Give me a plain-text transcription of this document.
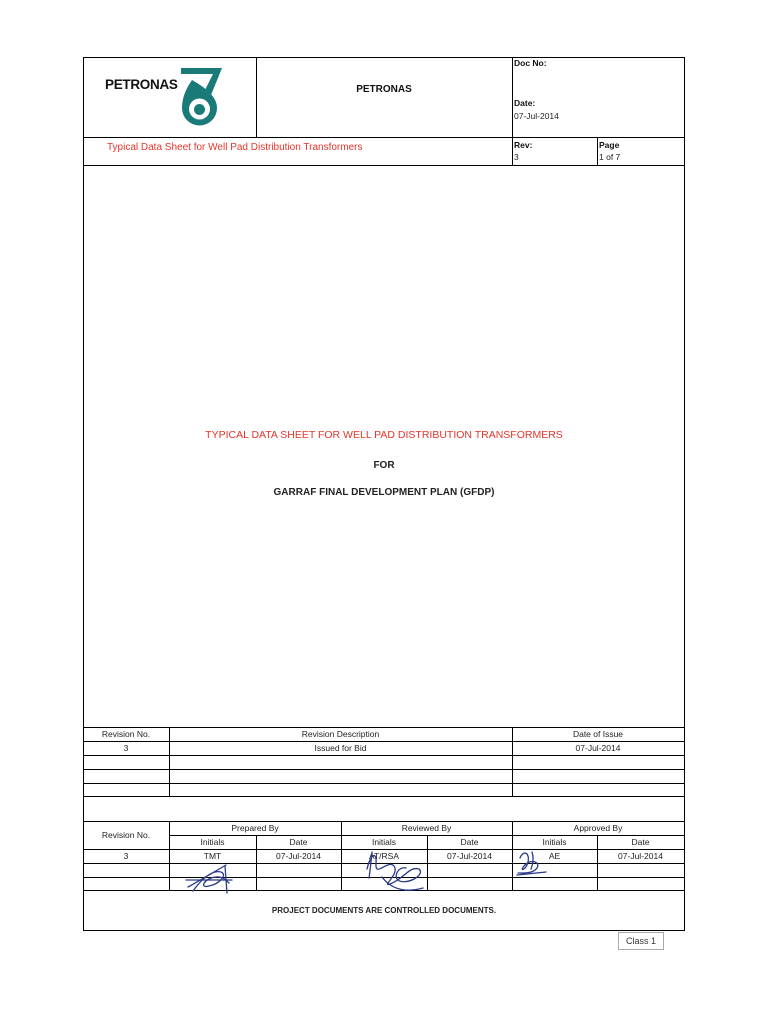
PETRONAS	PETRONAS
Doc No:
Date:
07-Jul-2014
Typical Data Sheet for Well Pad Distribution Transformers	Rev:
3
Page
1 of 7
TYPICAL DATA SHEET FOR WELL PAD DISTRIBUTION TRANSFORMERS
FOR
GARRAF FINAL DEVELOPMENT PLAN (GFDP)
Revision No.	Revision Description	Date of Issue
3	Issued for Bid	07-Jul-2014
Revision No.
Prepared By	Reviewed By	Approved By
Initials	Date	Initials	Date	Initials	Date
3	TMT	07-Jul-2014	AT/RSA	07-Jul-2014	AE	07-Jul-2014
PROJECT DOCUMENTS ARE CONTROLLED DOCUMENTS.
Class 1
